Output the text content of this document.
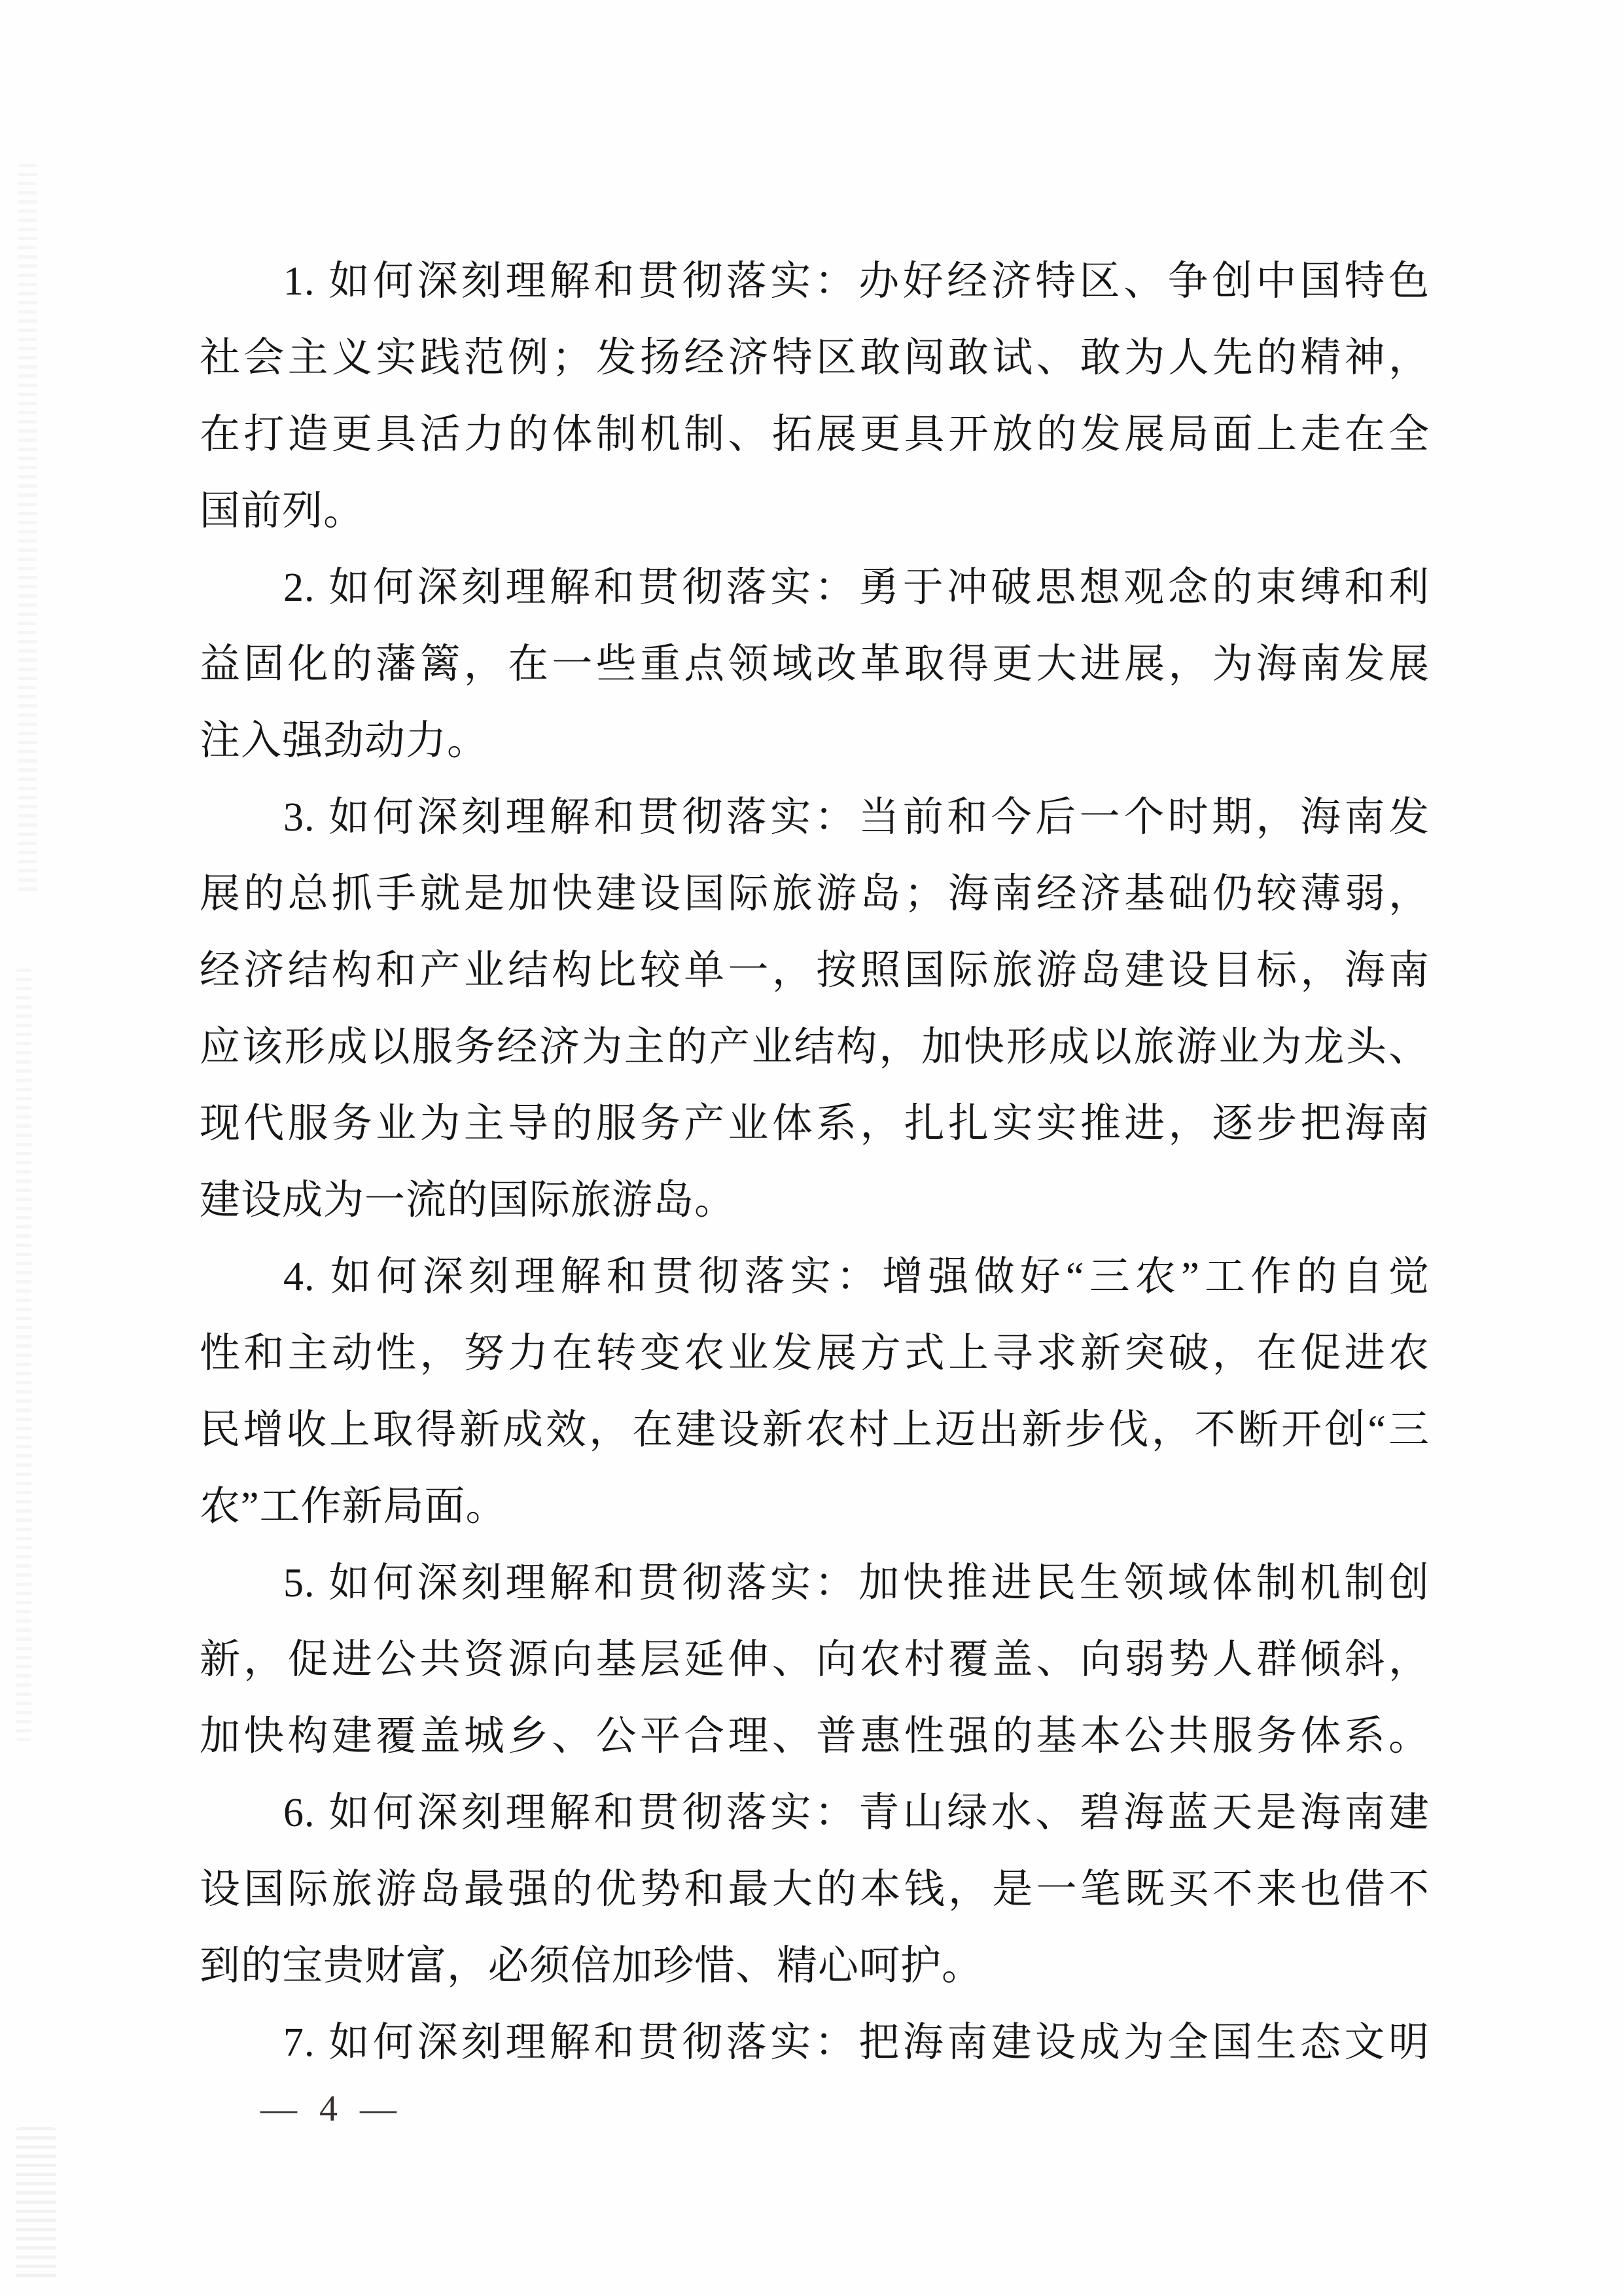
1. 如何深刻理解和贯彻落实：办好经济特区、争创中国特色
社会主义实践范例；发扬经济特区敢闯敢试、敢为人先的精神，
在打造更具活力的体制机制、拓展更具开放的发展局面上走在全
国前列。
2. 如何深刻理解和贯彻落实：勇于冲破思想观念的束缚和利
益固化的藩篱，在一些重点领域改革取得更大进展，为海南发展
注入强劲动力。
3. 如何深刻理解和贯彻落实：当前和今后一个时期，海南发
展的总抓手就是加快建设国际旅游岛；海南经济基础仍较薄弱，
经济结构和产业结构比较单一，按照国际旅游岛建设目标，海南
应该形成以服务经济为主的产业结构，加快形成以旅游业为龙头、
现代服务业为主导的服务产业体系，扎扎实实推进，逐步把海南
建设成为一流的国际旅游岛。
4. 如何深刻理解和贯彻落实：增强做好“三农”工作的自觉
性和主动性，努力在转变农业发展方式上寻求新突破，在促进农
民增收上取得新成效，在建设新农村上迈出新步伐，不断开创“三
农”工作新局面。
5. 如何深刻理解和贯彻落实：加快推进民生领域体制机制创
新，促进公共资源向基层延伸、向农村覆盖、向弱势人群倾斜，
加快构建覆盖城乡、公平合理、普惠性强的基本公共服务体系。
6. 如何深刻理解和贯彻落实：青山绿水、碧海蓝天是海南建
设国际旅游岛最强的优势和最大的本钱，是一笔既买不来也借不
到的宝贵财富，必须倍加珍惜、精心呵护。
7. 如何深刻理解和贯彻落实：把海南建设成为全国生态文明
— 4 —
